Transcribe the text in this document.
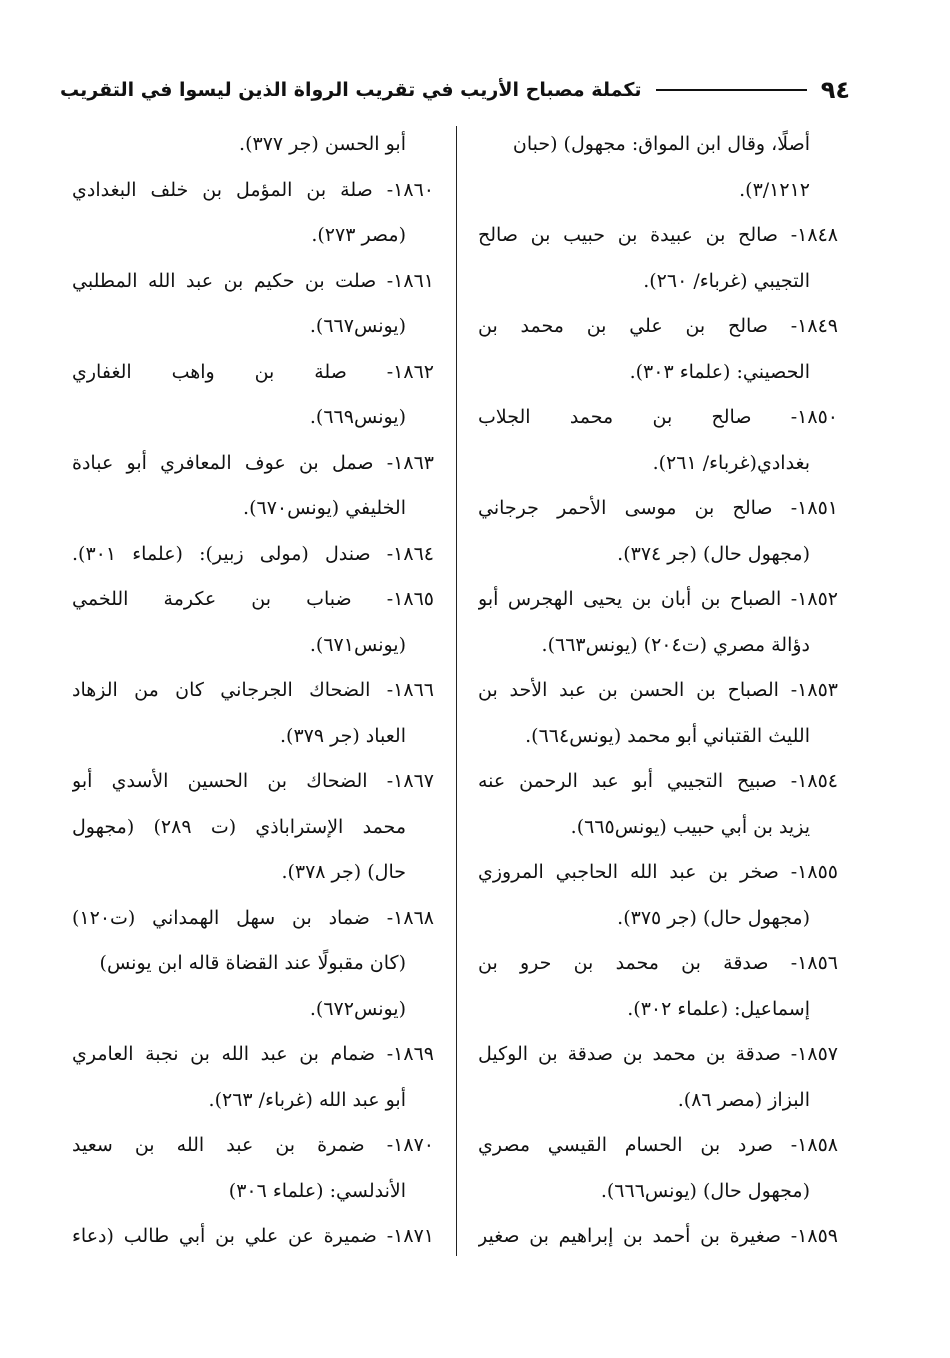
تكملة مصباح الأريب في تقريب الرواة الذين ليسوا في التقريب	٩٤
أصلًا، وقال ابن المواق: مجهول) (حبان
٣/١٢١٢).
١٨٤٨- صالح بن عبيدة بن حبيب بن صالح
التجيبي (غرباء/ ٢٦٠).
١٨٤٩- صالح بن علي بن محمد بن
الحصيني: (علماء ٣٠٣).
١٨٥٠- صالح بن محمد الجلاب
بغدادي(غرباء/ ٢٦١).
١٨٥١- صالح بن موسى الأحمر جرجاني
(مجهول حال) (جر ٣٧٤).
١٨٥٢- الصباح بن أبان بن يحيى الهجرس أبو
دؤالة مصري (ت٢٠٤) (يونس٦٦٣).
١٨٥٣- الصباح بن الحسن بن عبد الأحد بن
الليث القتباني أبو محمد (يونس٦٦٤).
١٨٥٤- صبيح التجيبي أبو عبد الرحمن عنه
يزيد بن أبي حبيب (يونس٦٦٥).
١٨٥٥- صخر بن عبد الله الحاجبي المروزي
(مجهول حال) (جر ٣٧٥).
١٨٥٦- صدقة بن محمد بن حرو بن
إسماعيل: (علماء ٣٠٢).
١٨٥٧- صدقة بن محمد بن صدقة بن الوكيل
البزاز (مصر ٨٦).
١٨٥٨- صرد بن الحسام القيسي مصري
(مجهول حال) (يونس٦٦٦).
١٨٥٩- صغيرة بن أحمد بن إبراهيم بن صغير
أبو الحسن (جر ٣٧٧).
١٨٦٠- صلة بن المؤمل بن خلف البغدادي
(مصر ٢٧٣).
١٨٦١- صلت بن حكيم بن عبد الله المطلبي
(يونس٦٦٧).
١٨٦٢- صلة بن واهب الغفاري
(يونس٦٦٩).
١٨٦٣- صمل بن عوف المعافري أبو عبادة
الخليفي (يونس٦٧٠).
١٨٦٤- صندل (مولى زبير): (علماء ٣٠١).
١٨٦٥- ضباب بن عكرمة اللخمي
(يونس٦٧١).
١٨٦٦- الضحاك الجرجاني كان من الزهاد
العباد (جر ٣٧٩).
١٨٦٧- الضحاك بن الحسين الأسدي أبو
محمد الإستراباذي (ت ٢٨٩) (مجهول
حال) (جر ٣٧٨).
١٨٦٨- ضماد بن سهل الهمداني (ت١٢٠)
(كان مقبولًا عند القضاة قاله ابن يونس)
(يونس٦٧٢).
١٨٦٩- ضمام بن عبد الله بن نجبة العامري
أبو عبد الله (غرباء/ ٢٦٣).
١٨٧٠- ضمرة بن عبد الله بن سعيد
الأندلسي: (علماء ٣٠٦)
١٨٧١- ضميرة عن علي بن أبي طالب (دعاء
